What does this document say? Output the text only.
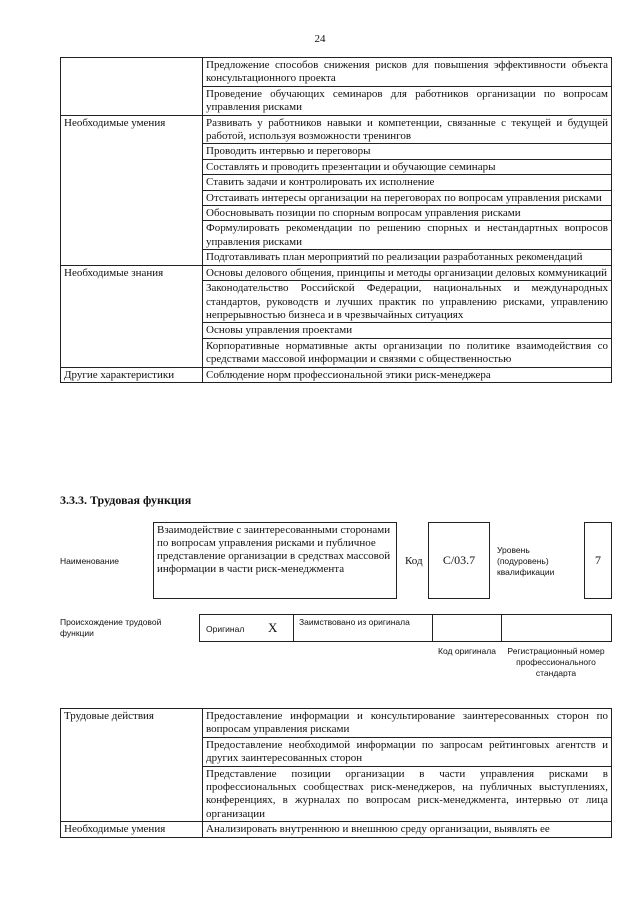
24
	Предложение способов снижения рисков для повышения эффективности объекта консультационного проекта
	Проведение обучающих семинаров для работников организации по вопросам управления рисками
Необходимые умения	Развивать у работников навыки и компетенции, связанные с текущей и будущей работой, используя возможности тренингов
	Проводить интервью и переговоры
	Составлять и проводить презентации и обучающие семинары
	Ставить задачи и контролировать их исполнение
	Отстаивать интересы организации на переговорах по вопросам управления рисками
	Обосновывать позиции по спорным вопросам управления рисками
	Формулировать рекомендации по решению спорных и нестандартных вопросов управления рисками
	Подготавливать план мероприятий по реализации разработанных рекомендаций
Необходимые знания	Основы делового общения, принципы и методы организации деловых коммуникаций
	Законодательство Российской Федерации, национальных и международных стандартов, руководств и лучших практик по управлению рисками, управлению непрерывностью бизнеса и в чрезвычайных ситуациях
	Основы управления проектами
	Корпоративные нормативные акты организации по политике взаимодействия со средствами массовой информации и связями с общественностью
Другие характеристики	Соблюдение норм профессиональной этики риск-менеджера
3.3.3. Трудовая функция
Наименование
Взаимодействие с заинтересованными сторонами по вопросам управления рисками и публичное представление организации в средствах массовой информации в части риск-менеджмента
Код	C/03.7
Уровень (подуровень) квалификации
7
Происхождение трудовой функции	Оригинал X	Заимствовано из оригинала
Код оригинала	Регистрационный номер профессионального стандарта
Трудовые действия	Предоставление информации и консультирование заинтересованных сторон по вопросам управления рисками
	Предоставление необходимой информации по запросам рейтинговых агентств и других заинтересованных сторон
	Представление позиции организации в части управления рисками в профессиональных сообществах риск-менеджеров, на публичных выступлениях, конференциях, в журналах по вопросам риск-менеджмента, интервью от лица организации
Необходимые умения	Анализировать внутреннюю и внешнюю среду организации, выявлять ее
